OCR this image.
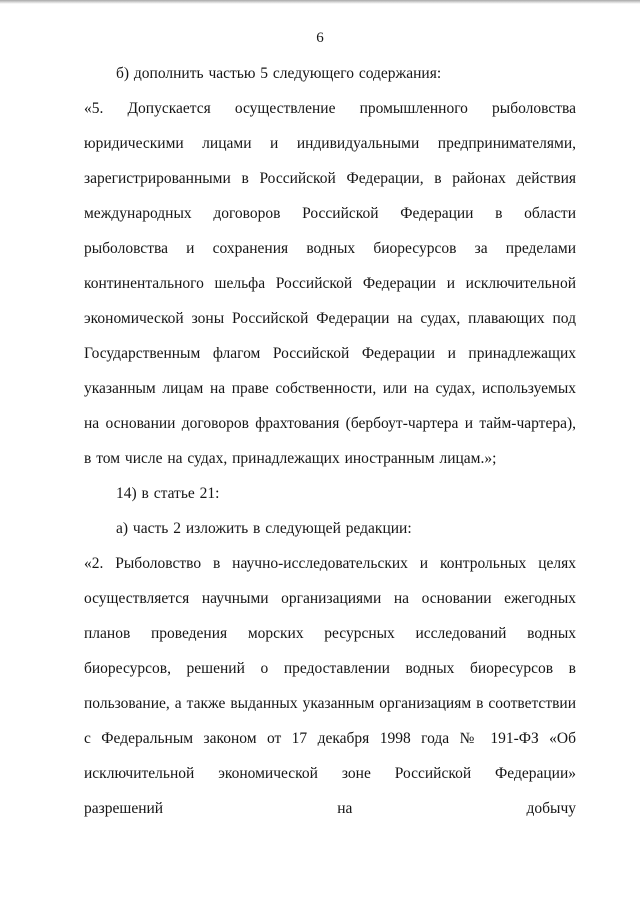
6

б) дополнить частью 5 следующего содержания:

«5. Допускается осуществление промышленного рыболовства юридическими лицами и индивидуальными предпринимателями, зарегистрированными в Российской Федерации, в районах действия международных договоров Российской Федерации в области рыболовства и сохранения водных биоресурсов за пределами континентального шельфа Российской Федерации и исключительной экономической зоны Российской Федерации на судах, плавающих под Государственным флагом Российской Федерации и принадлежащих указанным лицам на праве собственности, или на судах, используемых на основании договоров фрахтования (бербоут-чартера и тайм-чартера), в том числе на судах, принадлежащих иностранным лицам.»;

14) в статье 21:

а) часть 2 изложить в следующей редакции:

«2. Рыболовство в научно-исследовательских и контрольных целях осуществляется научными организациями на основании ежегодных планов проведения морских ресурсных исследований водных биоресурсов, решений о предоставлении водных биоресурсов в пользование, а также выданных указанным организациям в соответствии с Федеральным законом от 17 декабря 1998 года № 191-ФЗ «Об исключительной экономической зоне Российской Федерации» разрешений на добычу
